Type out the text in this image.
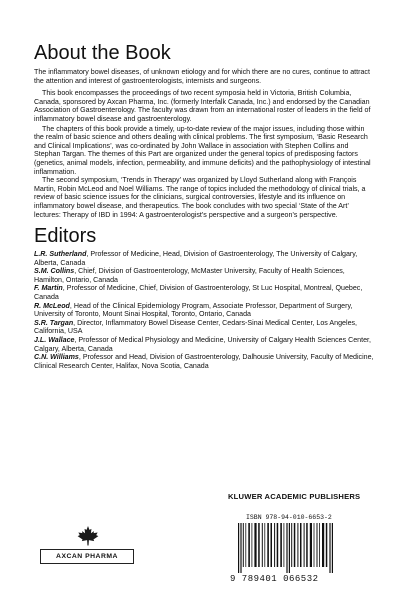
About the Book

The inflammatory bowel diseases, of unknown etiology and for which there are no cures, continue to attract the attention and interest of gastroenterologists, internists and surgeons.

This book encompasses the proceedings of two recent symposia held in Victoria, British Columbia, Canada, sponsored by Axcan Pharma, Inc. (formerly Interfalk Canada, Inc.) and endorsed by the Canadian Association of Gastroenterology. The faculty was drawn from an international roster of leaders in the field of inflammatory bowel disease and gastroenterology.

The chapters of this book provide a timely, up-to-date review of the major issues, including those within the realm of basic science and others dealing with clinical problems. The first symposium, ‘Basic Research and Clinical Implications’, was co-ordinated by John Wallace in association with Stephen Collins and Stephan Targan. The themes of this Part are organized under the general topics of predisposing factors (genetics, animal models, infection, permeability, and immune deficits) and the pathophysiology of intestinal inflammation.

The second symposium, ‘Trends in Therapy’ was organized by Lloyd Sutherland along with François Martin, Robin McLeod and Noel Williams. The range of topics included the methodology of clinical trials, a review of basic science issues for the clinicians, surgical controversies, lifestyle and its influence on inflammatory bowel disease, and therapeutics. The book concludes with two special ‘State of the Art’ lectures: Therapy of IBD in 1994: A gastroenterologist’s perspective and a surgeon’s perspective.

Editors
L.R. Sutherland, Professor of Medicine, Head, Division of Gastroenterology, The University of Calgary, Alberta, Canada
S.M. Collins, Chief, Division of Gastroenterology, McMaster University, Faculty of Health Sciences, Hamilton, Ontario, Canada
F. Martin, Professor of Medicine, Chief, Division of Gastroenterology, St Luc Hospital, Montreal, Quebec, Canada
R. McLeod, Head of the Clinical Epidemiology Program, Associate Professor, Department of Surgery, University of Toronto, Mount Sinai Hospital, Toronto, Ontario, Canada
S.R. Targan, Director, Inflammatory Bowel Disease Center, Cedars-Sinai Medical Center, Los Angeles, California, USA
J.L. Wallace, Professor of Medical Physiology and Medicine, University of Calgary Health Sciences Center, Calgary, Alberta, Canada
C.N. Williams, Professor and Head, Division of Gastroenterology, Dalhousie University, Faculty of Medicine, Clinical Research Center, Halifax, Nova Scotia, Canada
KLUWER ACADEMIC PUBLISHERS
AXCAN PHARMA
ISBN 978-94-010-6653-2
9 789401 066532
